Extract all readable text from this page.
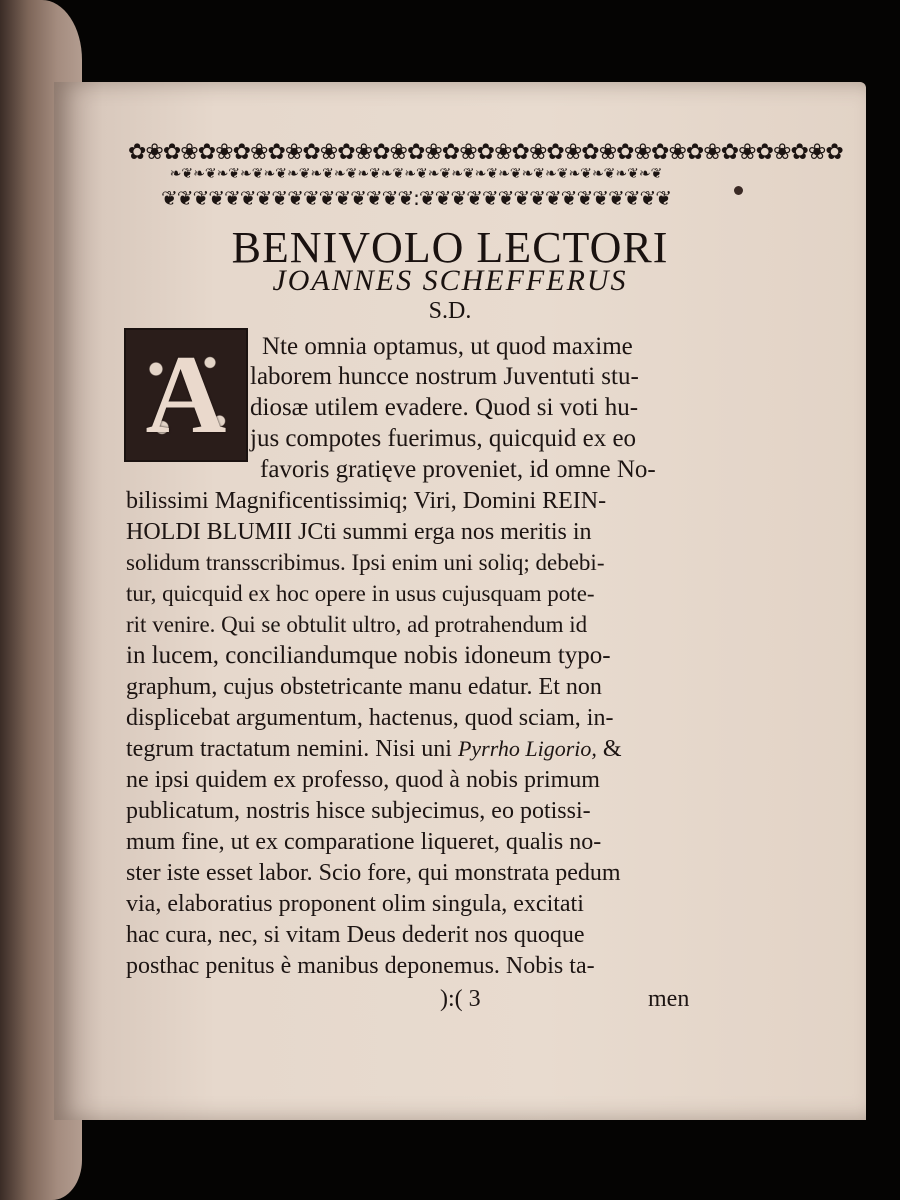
✿❀✿❀✿❀✿❀✿❀✿❀✿❀✿❀✿❀✿❀✿❀✿❀✿❀✿❀✿❀✿❀✿❀✿❀✿❀✿❀✿
❧❦❧❦❧❦❧❦❧❦❧❦❧❦❧❦❧❦❧❦❧❦❧❦❧❦❧❦❧❦❧❦❧❦❧❦❧❦❧❦❧❦
❦❦❦❦❦❦❦❦❦❦❦❦❦❦❦❦:❦❦❦❦❦❦❦❦❦❦❦❦❦❦❦❦
BENIVOLO LECTORI
JOANNES SCHEFFERUS
S.D.
A	Nte omnia optamus, ut quod maxime
laborem huncce nostrum Juventuti stu-
diosæ utilem evadere. Quod si voti hu-
jus compotes fuerimus, quicquid ex eo
favoris gratięve proveniet, id omne No-
bilissimi Magnificentissimiq; Viri, Domini REIN-
HOLDI BLUMII JCti summi erga nos meritis in
solidum transscribimus. Ipsi enim uni soliq; debebi-
tur, quicquid ex hoc opere in usus cujusquam pote-
rit venire. Qui se obtulit ultro, ad protrahendum id
in lucem, conciliandumque nobis idoneum typo-
graphum, cujus obstetricante manu edatur. Et non
displicebat argumentum, hactenus, quod sciam, in-
tegrum tractatum nemini. Nisi uni Pyrrho Ligorio, &
ne ipsi quidem ex professo, quod à nobis primum
publicatum, nostris hisce subjecimus, eo potissi-
mum fine, ut ex comparatione liqueret, qualis no-
ster iste esset labor. Scio fore, qui monstrata pedum
via, elaboratius proponent olim singula, excitati
hac cura, nec, si vitam Deus dederit nos quoque
posthac penitus è manibus deponemus. Nobis ta-
):( 3	men
